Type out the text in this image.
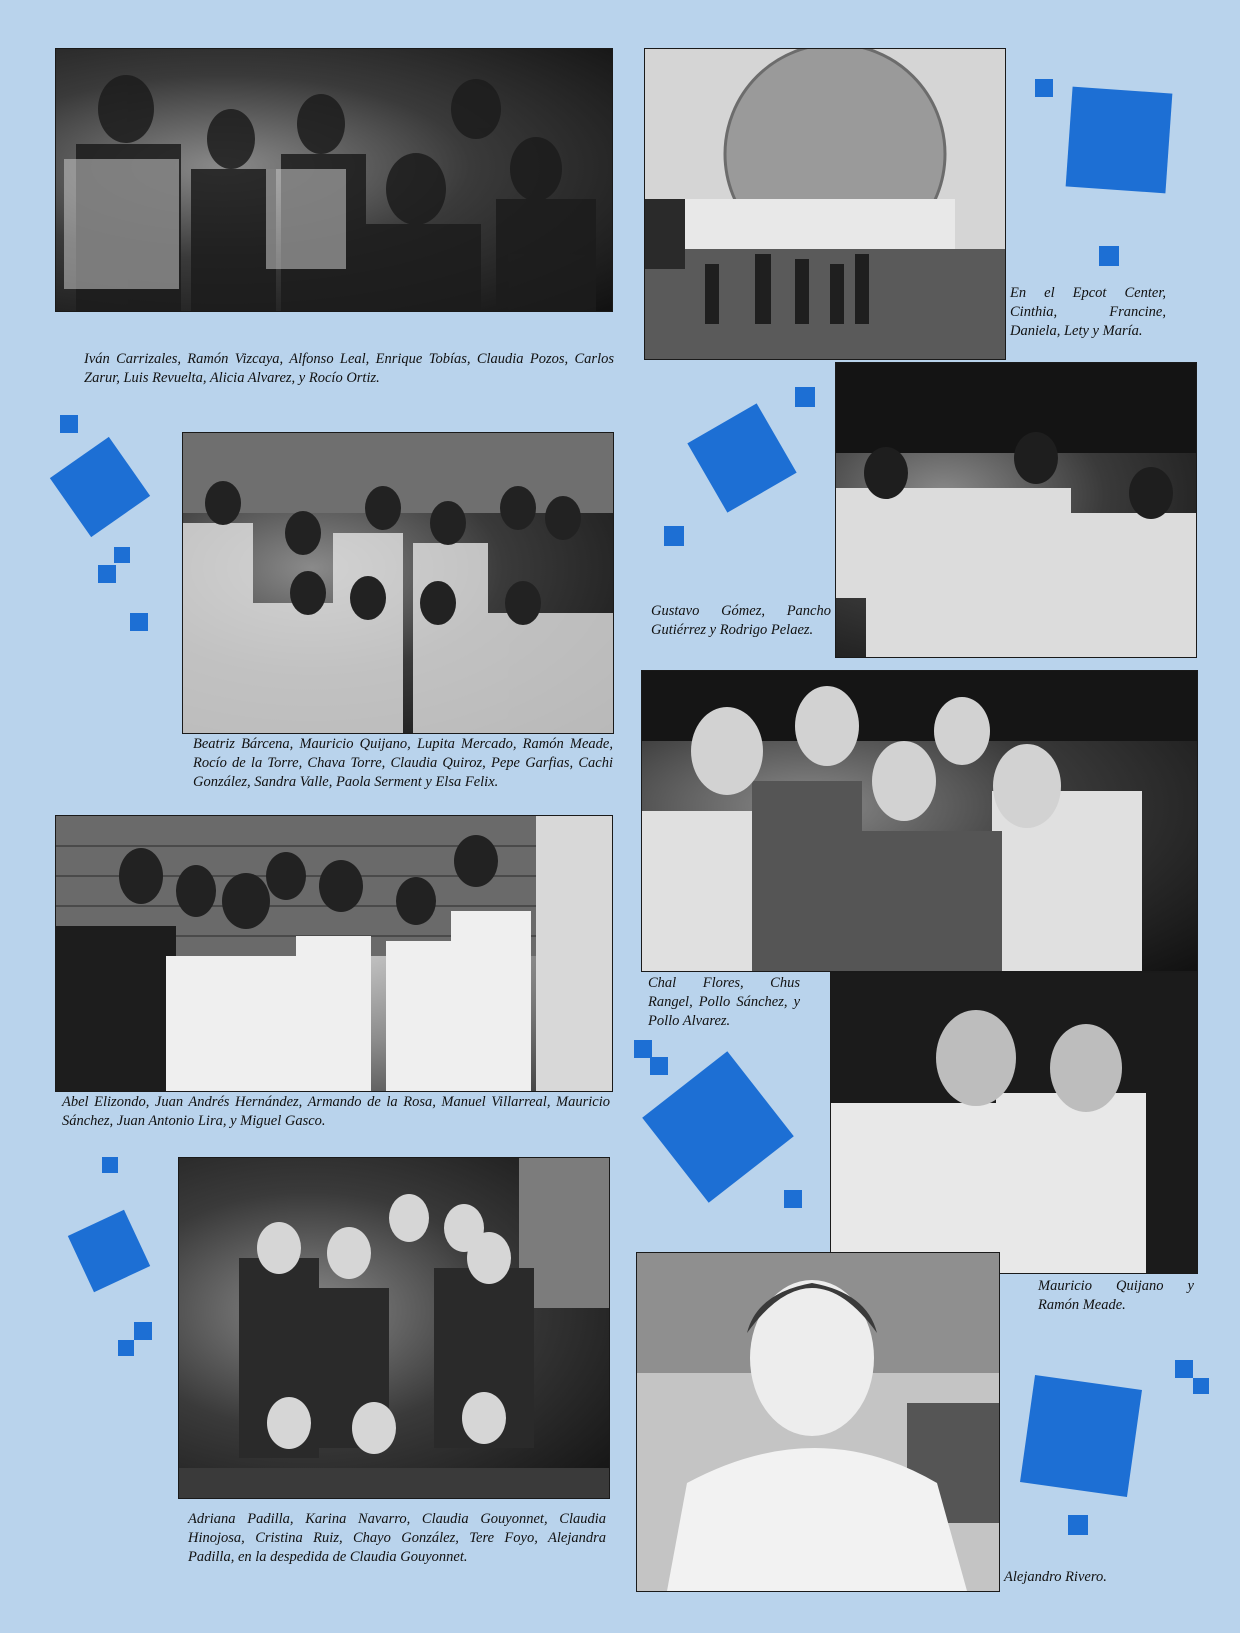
Iván Carrizales, Ramón Vizcaya, Alfonso Leal, Enrique Tobías, Claudia Pozos, Carlos Zarur, Luis Revuelta, Alicia Alvarez, y Rocío Ortiz.
En el Epcot Center, Cinthia, Francine, Daniela, Lety y María.
Beatriz Bárcena, Mauricio Quijano, Lupita Mercado, Ramón Meade, Rocío de la Torre, Chava Torre, Claudia Quiroz, Pepe Garfias, Cachi González, Sandra Valle, Paola Serment y Elsa Felix.
Gustavo Gómez, Pancho Gutiérrez y Rodrigo Pelaez.
Chal Flores, Chus Rangel, Pollo Sánchez, y Pollo Alvarez.
Abel Elizondo, Juan Andrés Hernández, Armando de la Rosa, Manuel Villarreal, Mauricio Sánchez, Juan Antonio Lira, y Miguel Gasco.
Mauricio Quijano y Ramón Meade.
Adriana Padilla, Karina Navarro, Claudia Gouyonnet, Claudia Hinojosa, Cristina Ruiz, Chayo González, Tere Foyo, Alejandra Padilla, en la despedida de Claudia Gouyonnet.
Alejandro Rivero.
